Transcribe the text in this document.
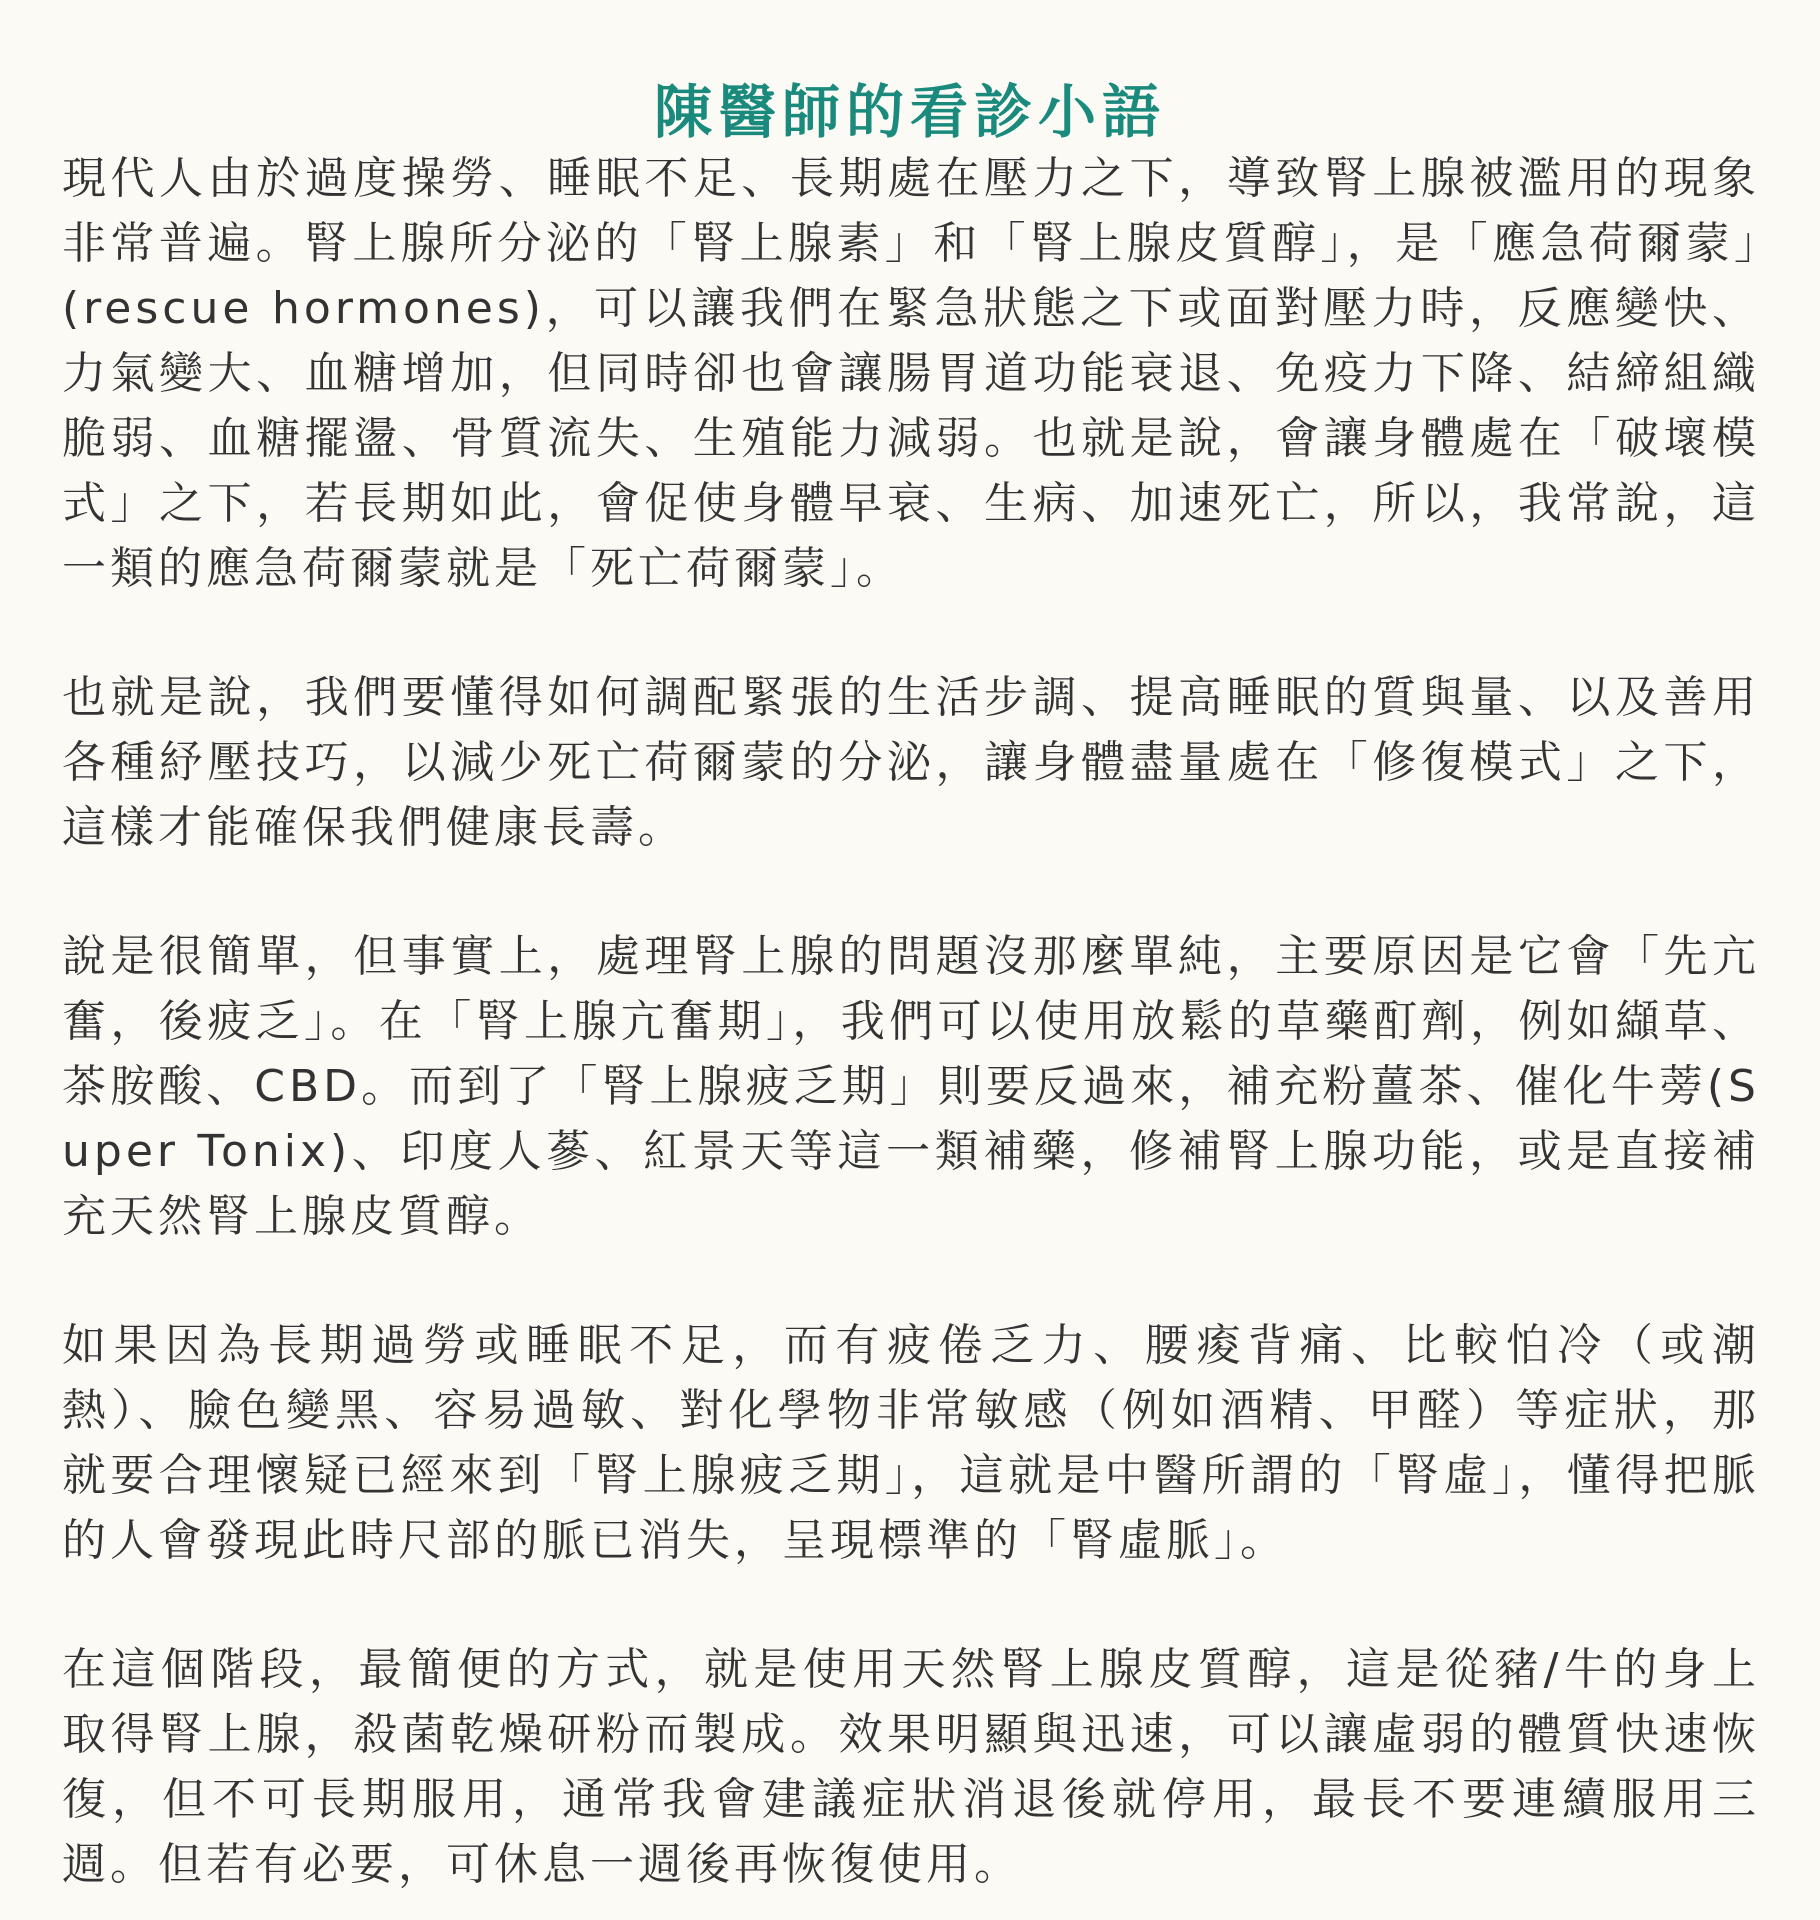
陳醫師的看診小語

現代人由於過度操勞、睡眠不足、長期處在壓力之下，導致腎上腺被濫用的現象非常普遍。腎上腺所分泌的「腎上腺素」和「腎上腺皮質醇」，是「應急荷爾蒙」(rescue hormones)，可以讓我們在緊急狀態之下或面對壓力時，反應變快、力氣變大、血糖增加，但同時卻也會讓腸胃道功能衰退、免疫力下降、結締組織脆弱、血糖擺盪、骨質流失、生殖能力減弱。也就是說，會讓身體處在「破壞模式」之下，若長期如此，會促使身體早衰、生病、加速死亡，所以，我常說，這一類的應急荷爾蒙就是「死亡荷爾蒙」。

也就是說，我們要懂得如何調配緊張的生活步調、提高睡眠的質與量、以及善用各種紓壓技巧，以減少死亡荷爾蒙的分泌，讓身體盡量處在「修復模式」之下，這樣才能確保我們健康長壽。

說是很簡單，但事實上，處理腎上腺的問題沒那麼單純，主要原因是它會「先亢奮，後疲乏」。在「腎上腺亢奮期」，我們可以使用放鬆的草藥酊劑，例如纈草、茶胺酸、CBD。而到了「腎上腺疲乏期」則要反過來，補充粉薑茶、催化牛蒡(Super Tonix)、印度人蔘、紅景天等這一類補藥，修補腎上腺功能，或是直接補充天然腎上腺皮質醇。

如果因為長期過勞或睡眠不足，而有疲倦乏力、腰痠背痛、比較怕冷（或潮熱）、臉色變黑、容易過敏、對化學物非常敏感（例如酒精、甲醛）等症狀，那就要合理懷疑已經來到「腎上腺疲乏期」，這就是中醫所謂的「腎虛」，懂得把脈的人會發現此時尺部的脈已消失，呈現標準的「腎虛脈」。

在這個階段，最簡便的方式，就是使用天然腎上腺皮質醇，這是從豬/牛的身上取得腎上腺，殺菌乾燥研粉而製成。效果明顯與迅速，可以讓虛弱的體質快速恢復，但不可長期服用，通常我會建議症狀消退後就停用，最長不要連續服用三週。但若有必要，可休息一週後再恢復使用。
